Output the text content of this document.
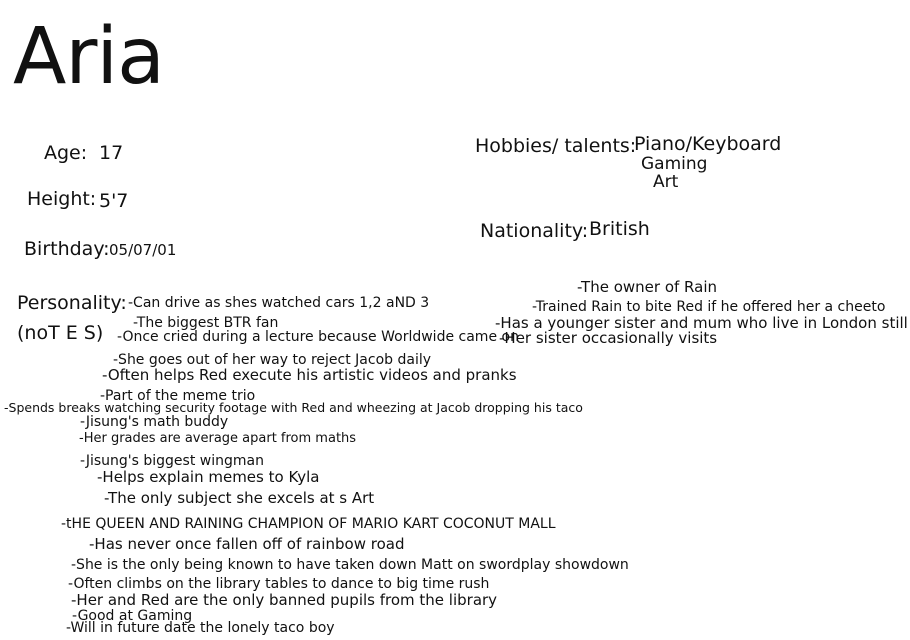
Aria
Age: 17
Height: 5'7
Birthday: 05/07/01
Hobbies/ talents:
Piano/Keyboard
Gaming
Art
Nationality: British
Personality:
(noT E S)
-Can drive as shes watched cars 1,2 aND 3
-The biggest BTR fan
-Once cried during a lecture because Worldwide came on
-She goes out of her way to reject Jacob daily
-Often helps Red execute his artistic videos and pranks
-Part of the meme trio
-Spends breaks watching security footage with Red and wheezing at Jacob dropping his taco
-Jisung's math buddy
-Her grades are average apart from maths
-Jisung's biggest wingman
-Helps explain memes to Kyla
-The only subject she excels at s Art
-tHE QUEEN AND RAINING CHAMPION OF MARIO KART COCONUT MALL
-Has never once fallen off of rainbow road
-She is the only being known to have taken down Matt on swordplay showdown
-Often climbs on the library tables to dance to big time rush
-Her and Red are the only banned pupils from the library
-Good at Gaming
-Will in future date the lonely taco boy
-The owner of Rain
-Trained Rain to bite Red if he offered her a cheeto
-Has a younger sister and mum who live in London still
-Her sister occasionally visits
